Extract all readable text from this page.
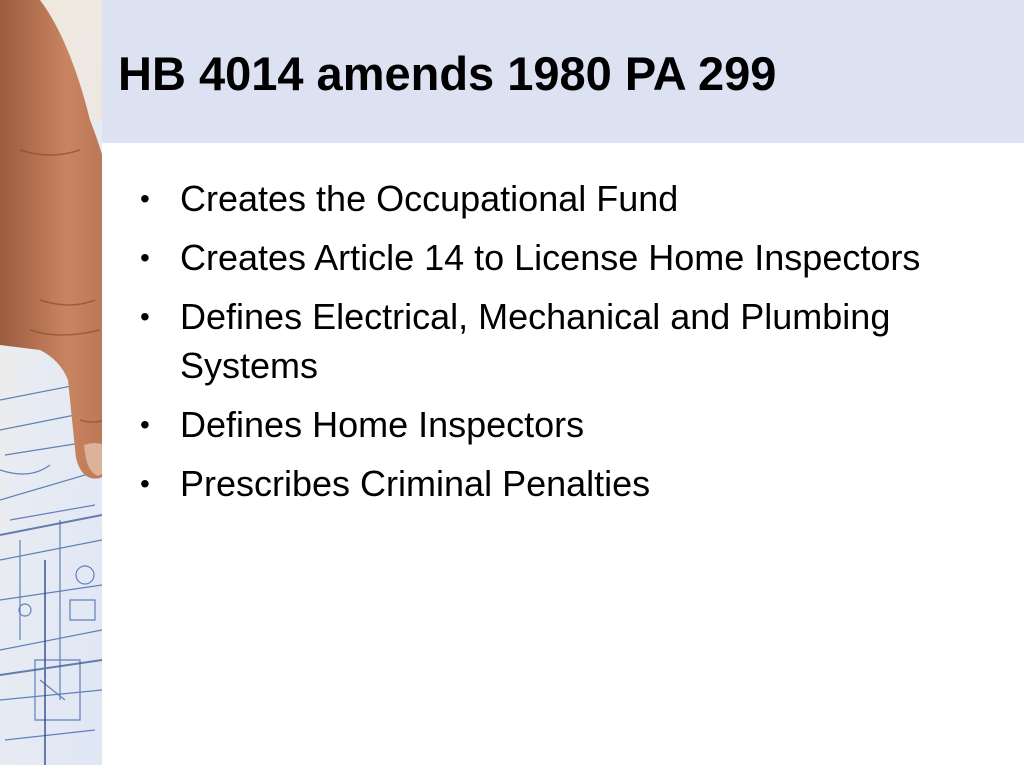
HB 4014 amends 1980 PA 299
• Creates the Occupational Fund
• Creates Article 14 to License Home Inspectors
• Defines Electrical, Mechanical and Plumbing Systems
• Defines Home Inspectors
• Prescribes Criminal Penalties
